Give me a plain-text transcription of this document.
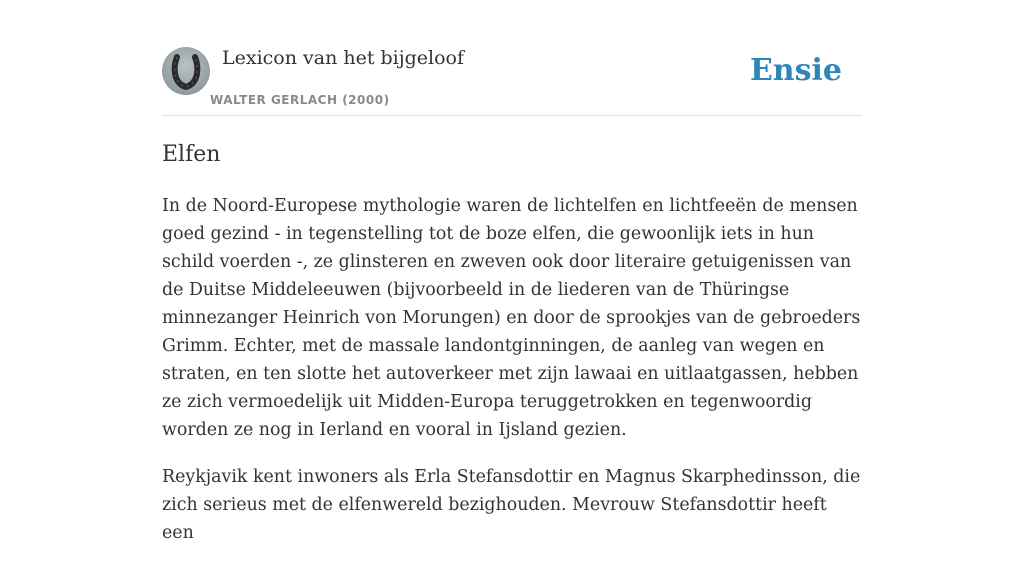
Lexicon van het bijgeloof
WALTER GERLACH (2000)
Ensie
Elfen

In de Noord-Europese mythologie waren de lichtelfen en lichtfeeën de mensen goed gezind - in tegenstelling tot de boze elfen, die gewoonlijk iets in hun schild voerden -, ze glinsteren en zweven ook door literaire getuigenissen van de Duitse Middeleeuwen (bijvoorbeeld in de liederen van de Thüringse minnezanger Heinrich von Morungen) en door de sprookjes van de gebroeders Grimm. Echter, met de massale landontginningen, de aanleg van wegen en straten, en ten slotte het autoverkeer met zijn lawaai en uitlaatgassen, hebben ze zich vermoedelijk uit Midden-Europa teruggetrokken en tegenwoordig worden ze nog in Ierland en vooral in Ijsland gezien.

Reykjavik kent inwoners als Erla Stefansdottir en Magnus Skarphedinsson, die zich serieus met de elfenwereld bezighouden. Mevrouw Stefansdottir heeft een
